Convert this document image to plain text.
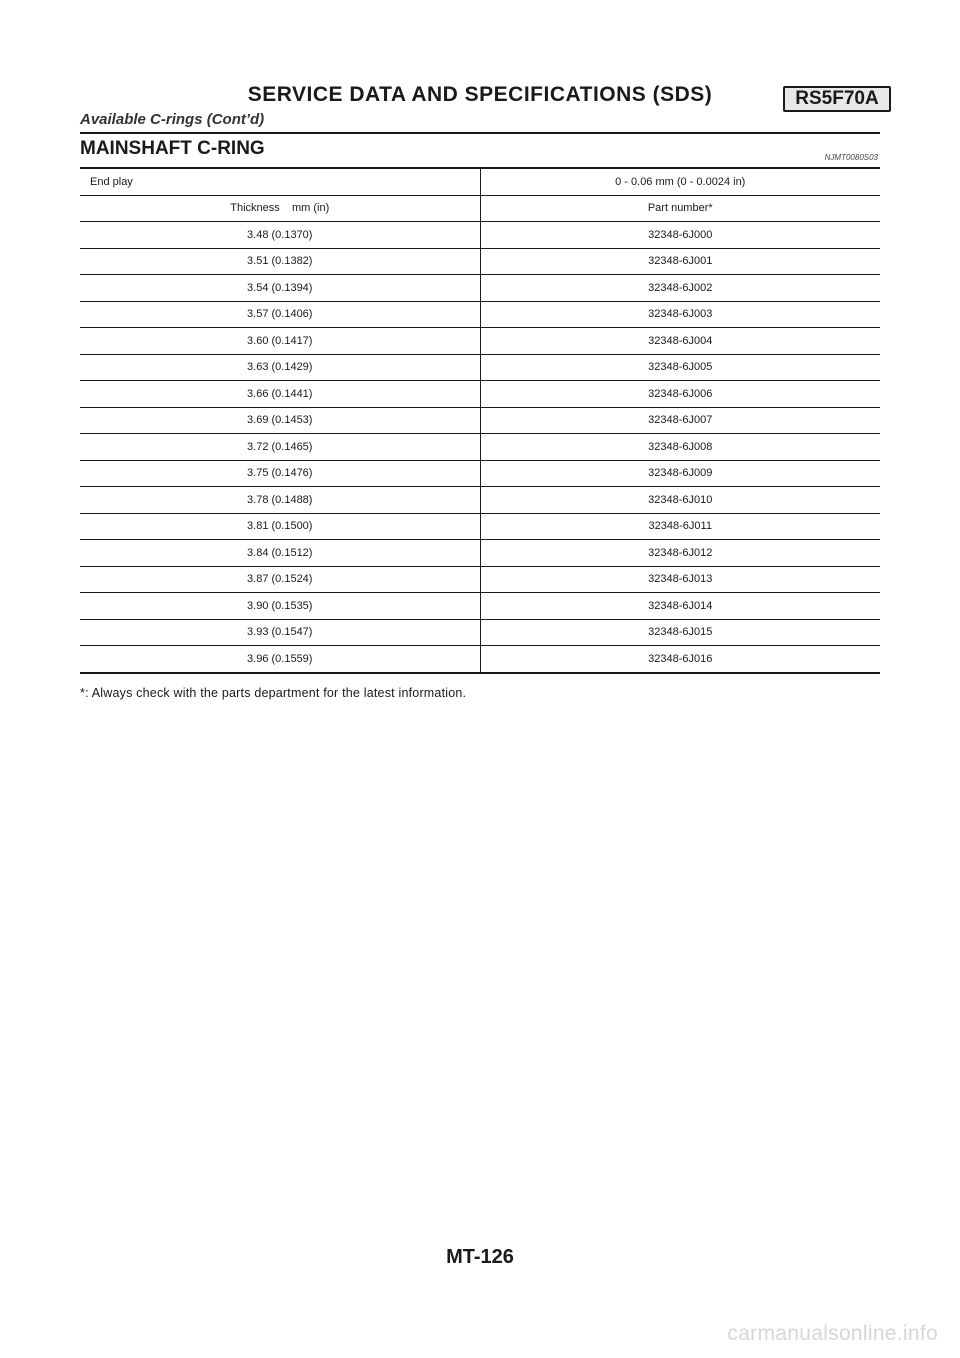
SERVICE DATA AND SPECIFICATIONS (SDS)	RS5F70A
Available C-rings (Cont’d)
MAINSHAFT C-RING	NJMT0080S03
End play	0 - 0.06 mm (0 - 0.0024 in)
Thickness    mm (in)	Part number*
3.48 (0.1370)	32348-6J000
3.51 (0.1382)	32348-6J001
3.54 (0.1394)	32348-6J002
3.57 (0.1406)	32348-6J003
3.60 (0.1417)	32348-6J004
3.63 (0.1429)	32348-6J005
3.66 (0.1441)	32348-6J006
3.69 (0.1453)	32348-6J007
3.72 (0.1465)	32348-6J008
3.75 (0.1476)	32348-6J009
3.78 (0.1488)	32348-6J010
3.81 (0.1500)	32348-6J011
3.84 (0.1512)	32348-6J012
3.87 (0.1524)	32348-6J013
3.90 (0.1535)	32348-6J014
3.93 (0.1547)	32348-6J015
3.96 (0.1559)	32348-6J016
*: Always check with the parts department for the latest information.
MT-126
carmanualsonline.info
